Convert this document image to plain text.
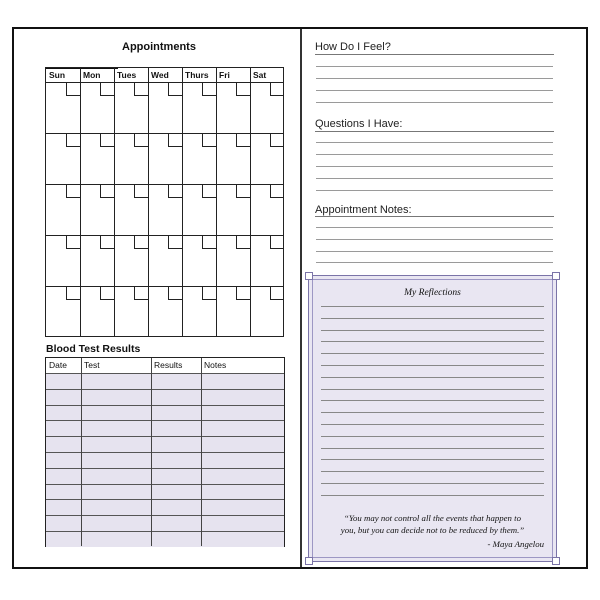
Appointments
Sun	Mon	Tues	Wed	Thurs	Fri	Sat
Blood Test Results
Date	Test	Results	Notes
How Do I Feel?
Questions I Have:
Appointment Notes:
My Reflections
“You may not control all the events that happen to
you, but you can decide not to be reduced by them.”
- Maya Angelou
